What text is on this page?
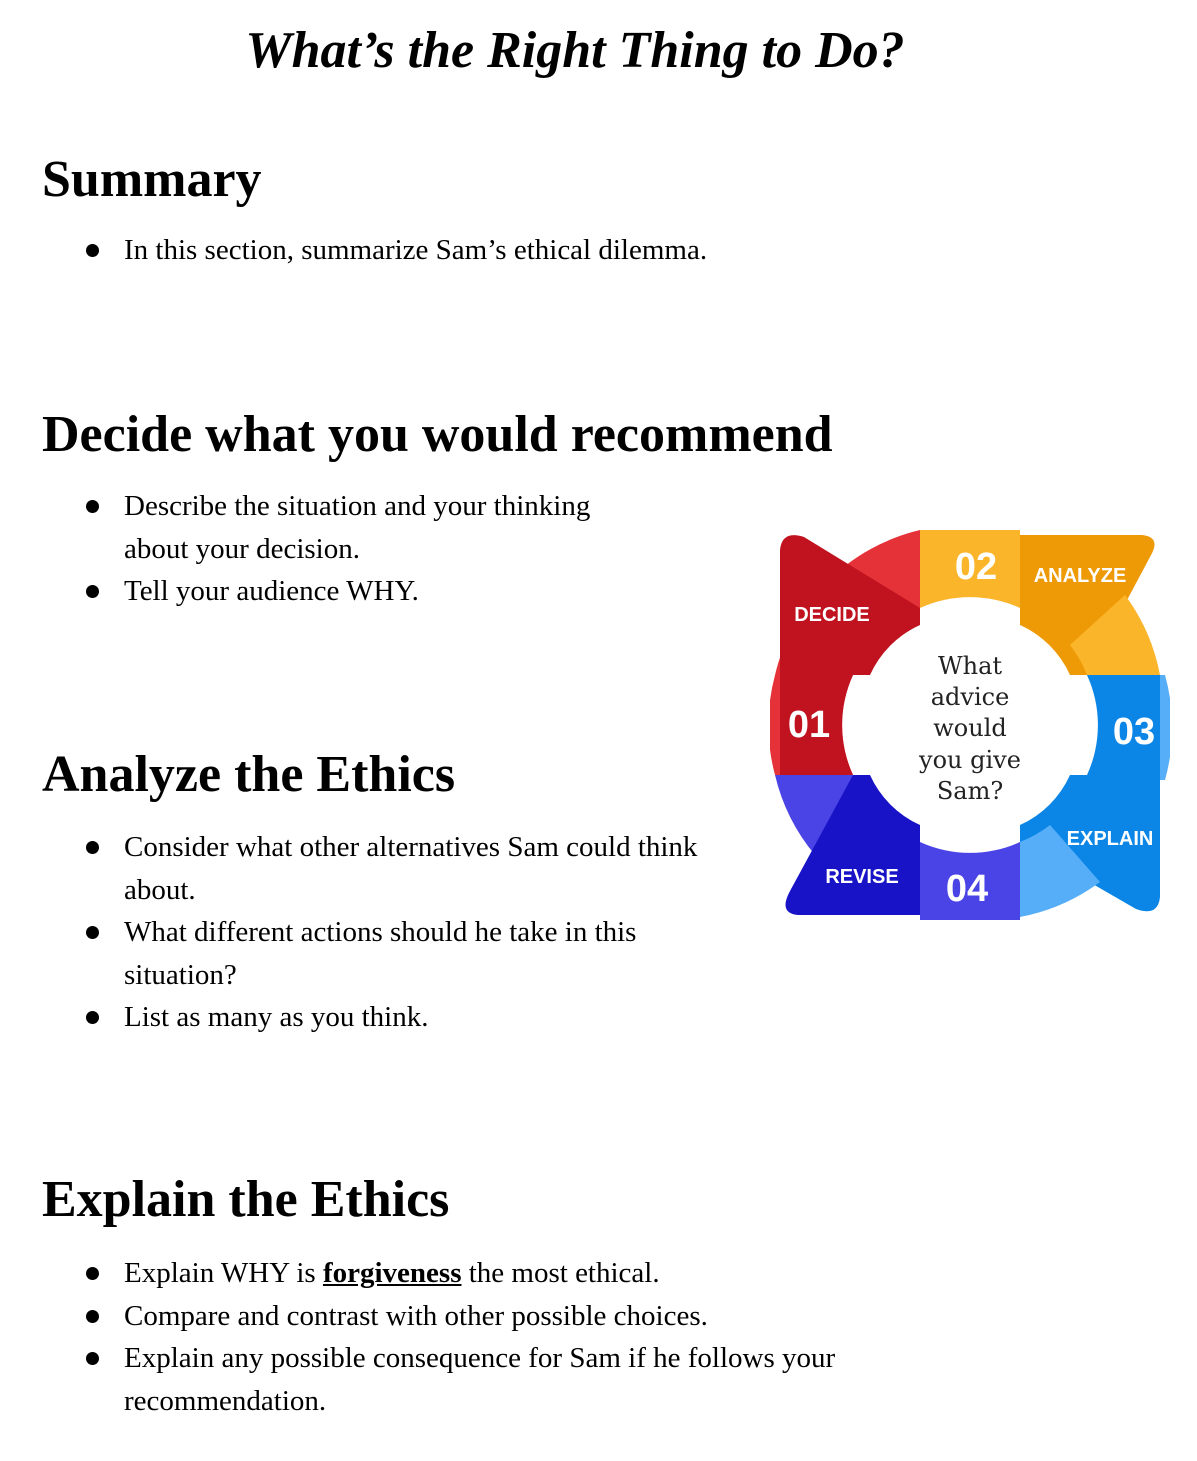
What’s the Right Thing to Do?
Summary
In this section, summarize Sam’s ethical dilemma.
Decide what you would recommend
Describe the situation and your thinking about your decision.
Tell your audience WHY.
Analyze the Ethics
Consider what other alternatives Sam could think about.
What different actions should he take in this situation?
List as many as you think.
Explain the Ethics
Explain WHY is forgiveness the most ethical.
Compare and contrast with other possible choices.
Explain any possible consequence for Sam if he follows your recommendation.
DECIDE
01
02 ANALYZE
03
EXPLAIN
REVISE 04
What
advice
would
you give
Sam?
